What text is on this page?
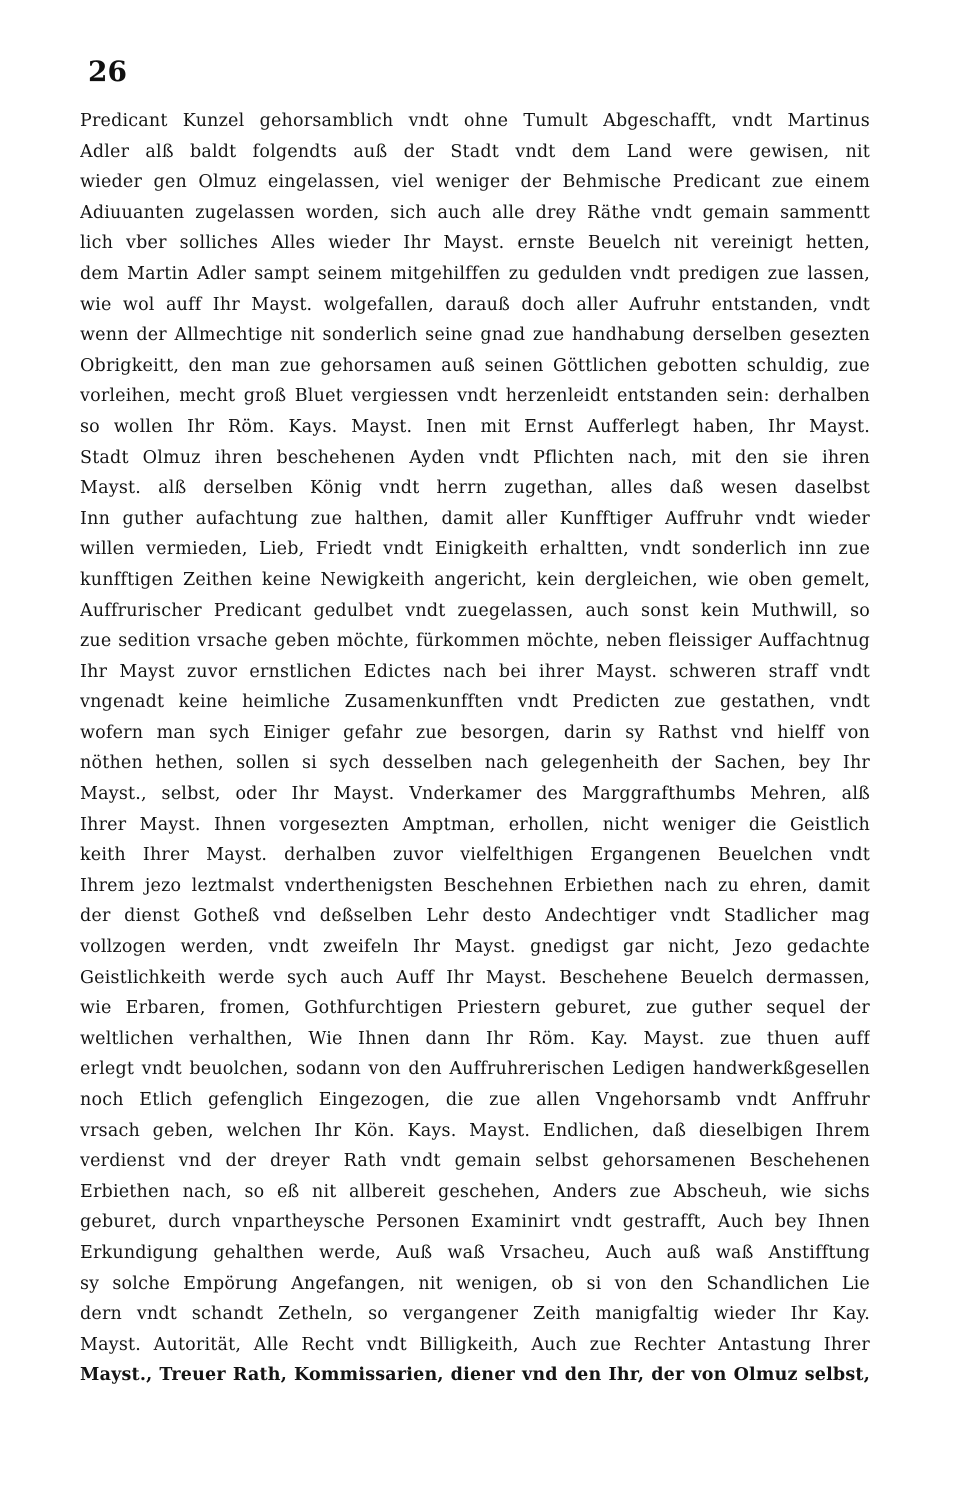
26
Predicant Kunzel gehorsamblich vndt ohne Tumult Abgeschafft, vndt Martinus
Adler alß baldt folgendts auß der Stadt vndt dem Land were gewisen, nit
wieder gen Olmuz eingelassen, viel weniger der Behmische Predicant zue einem
Adiuuanten zugelassen worden, sich auch alle drey Räthe vndt gemain sammentt
lich vber solliches Alles wieder Ihr Mayst. ernste Beuelch nit vereinigt hetten,
dem Martin Adler sampt seinem mitgehilffen zu gedulden vndt predigen zue lassen,
wie wol auff Ihr Mayst. wolgefallen, darauß doch aller Aufruhr entstanden, vndt
wenn der Allmechtige nit sonderlich seine gnad zue handhabung derselben gesezten
Obrigkeitt, den man zue gehorsamen auß seinen Göttlichen gebotten schuldig, zue
vorleihen, mecht groß Bluet vergiessen vndt herzenleidt entstanden sein: derhalben
so wollen Ihr Röm. Kays. Mayst. Inen mit Ernst Aufferlegt haben, Ihr Mayst.
Stadt Olmuz ihren beschehenen Ayden vndt Pflichten nach, mit den sie ihren
Mayst. alß derselben König vndt herrn zugethan, alles daß wesen daselbst
Inn guther aufachtung zue halthen, damit aller Kunfftiger Auffruhr vndt wieder
willen vermieden, Lieb, Friedt vndt Einigkeith erhaltten, vndt sonderlich inn zue
kunfftigen Zeithen keine Newigkeith angericht, kein dergleichen, wie oben gemelt,
Auffrurischer Predicant gedulbet vndt zuegelassen, auch sonst kein Muthwill, so
zue sedition vrsache geben möchte, fürkommen möchte, neben fleissiger Auffachtnug
Ihr Mayst zuvor ernstlichen Edictes nach bei ihrer Mayst. schweren straff vndt
vngenadt keine heimliche Zusamenkunfften vndt Predicten zue gestathen, vndt
wofern man sych Einiger gefahr zue besorgen, darin sy Rathst vnd hielff von
nöthen hethen, sollen si sych desselben nach gelegenheith der Sachen, bey Ihr
Mayst., selbst, oder Ihr Mayst. Vnderkamer des Marggrafthumbs Mehren, alß
Ihrer Mayst. Ihnen vorgesezten Amptman, erhollen, nicht weniger die Geistlich
keith Ihrer Mayst. derhalben zuvor vielfelthigen Ergangenen Beuelchen vndt
Ihrem jezo leztmalst vnderthenigsten Beschehnen Erbiethen nach zu ehren, damit
der dienst Gotheß vnd deßselben Lehr desto Andechtiger vndt Stadlicher mag
vollzogen werden, vndt zweifeln Ihr Mayst. gnedigst gar nicht, Jezo gedachte
Geistlichkeith werde sych auch Auff Ihr Mayst. Beschehene Beuelch dermassen,
wie Erbaren, fromen, Gothfurchtigen Priestern geburet, zue guther sequel der
weltlichen verhalthen, Wie Ihnen dann Ihr Röm. Kay. Mayst. zue thuen auff
erlegt vndt beuolchen, sodann von den Auffruhrerischen Ledigen handwerkßgesellen
noch Etlich gefenglich Eingezogen, die zue allen Vngehorsamb vndt Anffruhr
vrsach geben, welchen Ihr Kön. Kays. Mayst. Endlichen, daß dieselbigen Ihrem
verdienst vnd der dreyer Rath vndt gemain selbst gehorsamenen Beschehenen
Erbiethen nach, so eß nit allbereit geschehen, Anders zue Abscheuh, wie sichs
geburet, durch vnpartheysche Personen Examinirt vndt gestrafft, Auch bey Ihnen
Erkundigung gehalthen werde, Auß waß Vrsacheu, Auch auß waß Anstifftung
sy solche Empörung Angefangen, nit wenigen, ob si von den Schandlichen Lie
dern vndt schandt Zetheln, so vergangener Zeith manigfaltig wieder Ihr Kay.
Mayst. Autorität, Alle Recht vndt Billigkeith, Auch zue Rechter Antastung Ihrer
Mayst., Treuer Rath, Kommissarien, diener vnd den Ihr, der von Olmuz selbst,
